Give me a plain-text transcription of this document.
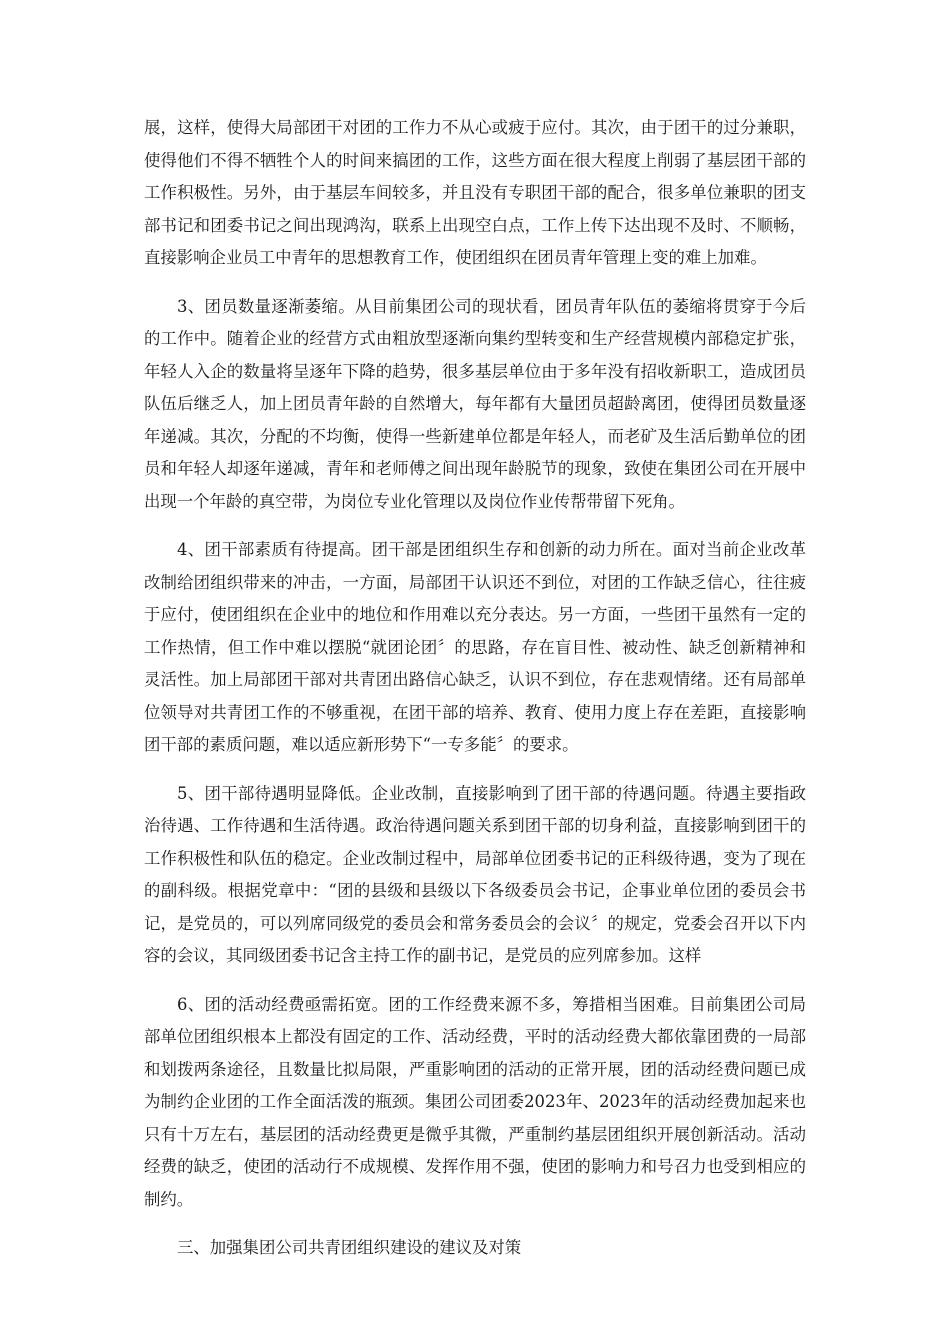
展，这样，使得大局部团干对团的工作力不从心或疲于应付。其次，由于团干的过分兼职，使得他们不得不牺牲个人的时间来搞团的工作，这些方面在很大程度上削弱了基层团干部的工作积极性。另外，由于基层车间较多，并且没有专职团干部的配合，很多单位兼职的团支部书记和团委书记之间出现鸿沟，联系上出现空白点，工作上传下达出现不及时、不顺畅，直接影响企业员工中青年的思想教育工作，使团组织在团员青年管理上变的难上加难。

3、团员数量逐渐萎缩。从目前集团公司的现状看，团员青年队伍的萎缩将贯穿于今后的工作中。随着企业的经营方式由粗放型逐渐向集约型转变和生产经营规模内部稳定扩张，年轻人入企的数量将呈逐年下降的趋势，很多基层单位由于多年没有招收新职工，造成团员队伍后继乏人，加上团员青年龄的自然增大，每年都有大量团员超龄离团，使得团员数量逐年递减。其次，分配的不均衡，使得一些新建单位都是年轻人，而老矿及生活后勤单位的团员和年轻人却逐年递减，青年和老师傅之间出现年龄脱节的现象，致使在集团公司在开展中出现一个年龄的真空带，为岗位专业化管理以及岗位作业传帮带留下死角。

4、团干部素质有待提高。团干部是团组织生存和创新的动力所在。面对当前企业改革改制给团组织带来的冲击，一方面，局部团干认识还不到位，对团的工作缺乏信心，往往疲于应付，使团组织在企业中的地位和作用难以充分表达。另一方面，一些团干虽然有一定的工作热情，但工作中难以摆脱“就团论团〞的思路，存在盲目性、被动性、缺乏创新精神和灵活性。加上局部团干部对共青团出路信心缺乏，认识不到位，存在悲观情绪。还有局部单位领导对共青团工作的不够重视，在团干部的培养、教育、使用力度上存在差距，直接影响团干部的素质问题，难以适应新形势下“一专多能〞的要求。

5、团干部待遇明显降低。企业改制，直接影响到了团干部的待遇问题。待遇主要指政治待遇、工作待遇和生活待遇。政治待遇问题关系到团干部的切身利益，直接影响到团干的工作积极性和队伍的稳定。企业改制过程中，局部单位团委书记的正科级待遇，变为了现在的副科级。根据党章中：“团的县级和县级以下各级委员会书记，企事业单位团的委员会书记，是党员的，可以列席同级党的委员会和常务委员会的会议〞的规定，党委会召开以下内容的会议，其同级团委书记含主持工作的副书记，是党员的应列席参加。这样

6、团的活动经费亟需拓宽。团的工作经费来源不多，筹措相当困难。目前集团公司局部单位团组织根本上都没有固定的工作、活动经费，平时的活动经费大都依靠团费的一局部和划拨两条途径，且数量比拟局限，严重影响团的活动的正常开展，团的活动经费问题已成为制约企业团的工作全面活泼的瓶颈。集团公司团委2023年、2023年的活动经费加起来也只有十万左右，基层团的活动经费更是微乎其微，严重制约基层团组织开展创新活动。活动经费的缺乏，使团的活动行不成规模、发挥作用不强，使团的影响力和号召力也受到相应的制约。

三、加强集团公司共青团组织建设的建议及对策
